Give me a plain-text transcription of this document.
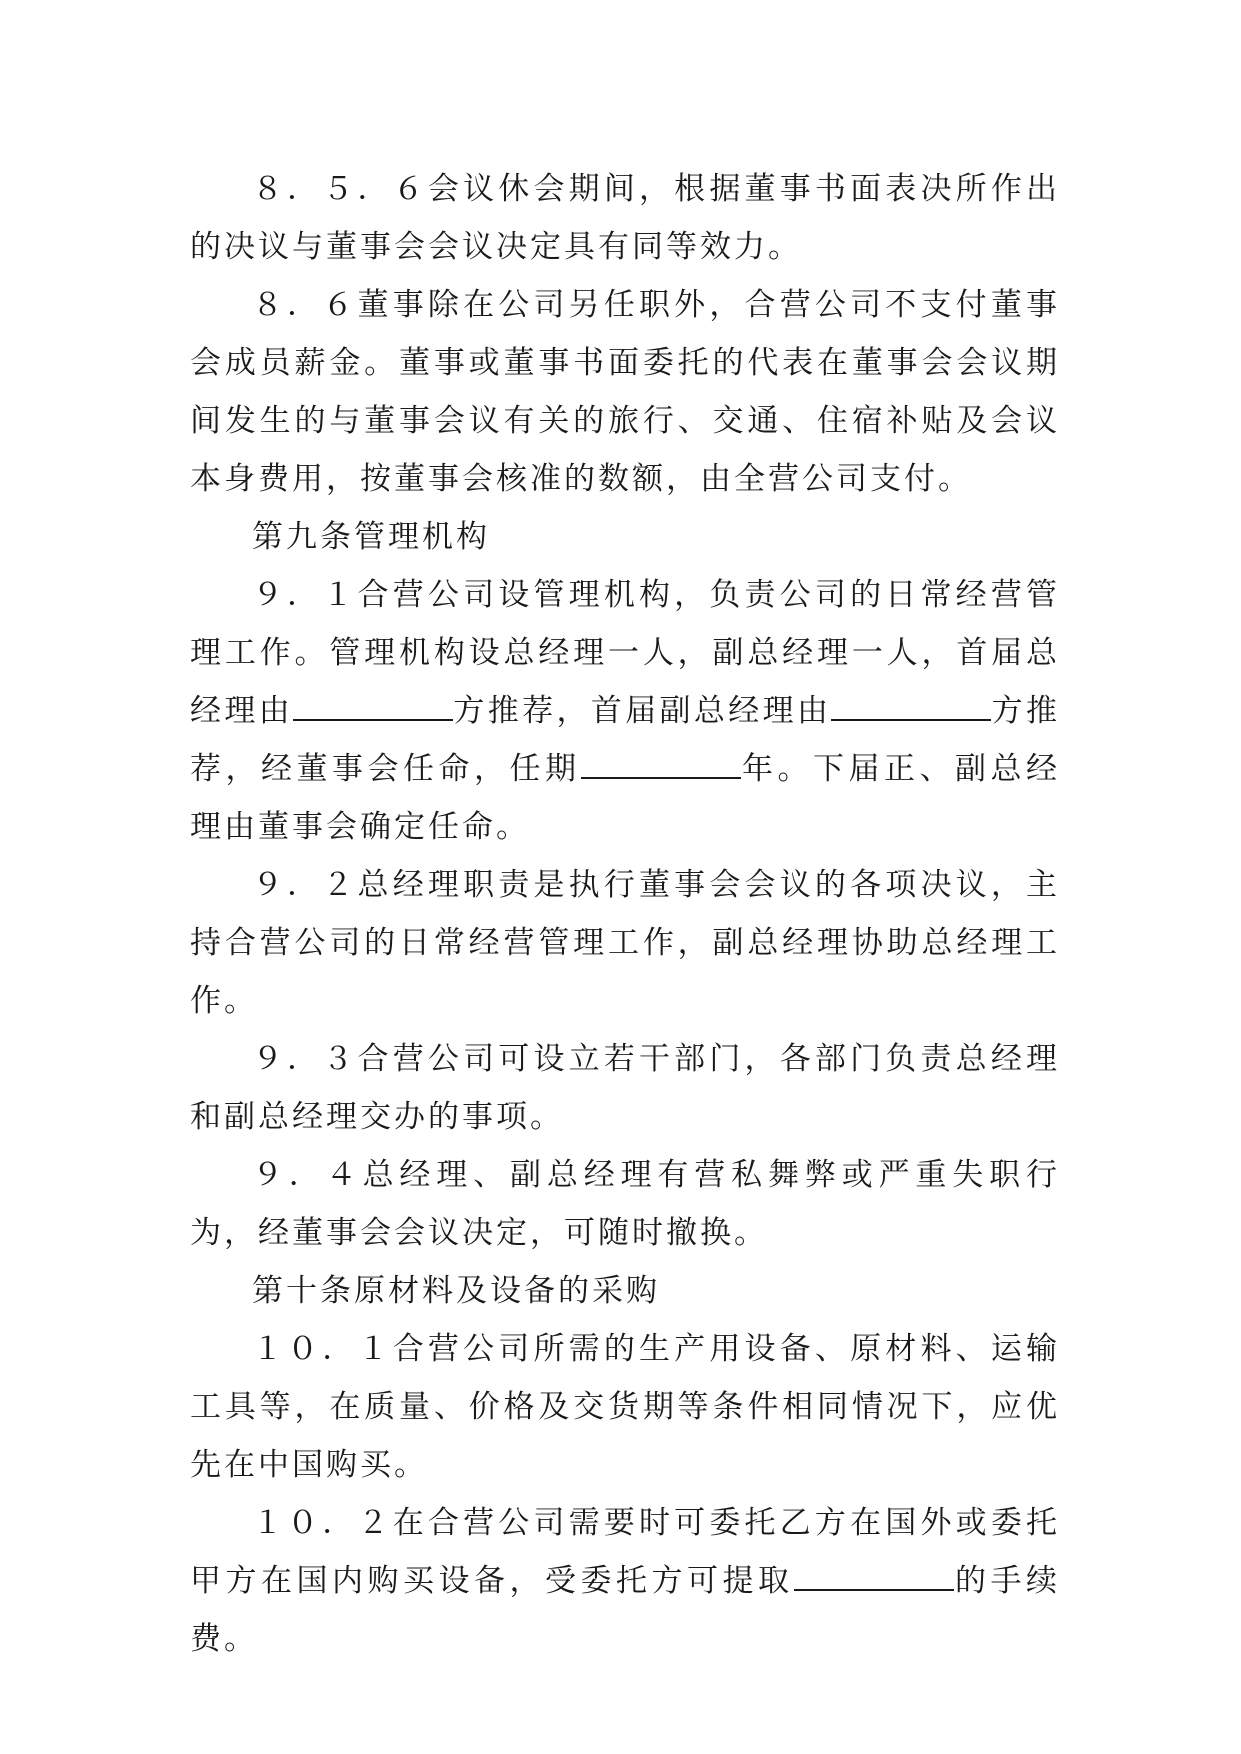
８．５．６会议休会期间，根据董事书面表决所作出的决议与董事会会议决定具有同等效力。

８．６董事除在公司另任职外，合营公司不支付董事会成员薪金。董事或董事书面委托的代表在董事会会议期间发生的与董事会议有关的旅行、交通、住宿补贴及会议本身费用，按董事会核准的数额，由全营公司支付。

第九条管理机构

９．１合营公司设管理机构，负责公司的日常经营管理工作。管理机构设总经理一人，副总经理一人，首届总经理由	方推荐，首届副总经理由	方推荐，经董事会任命，任期	年。下届正、副总经理由董事会确定任命。

９．２总经理职责是执行董事会会议的各项决议，主持合营公司的日常经营管理工作，副总经理协助总经理工作。

９．３合营公司可设立若干部门，各部门负责总经理和副总经理交办的事项。

９．４总经理、副总经理有营私舞弊或严重失职行为，经董事会会议决定，可随时撤换。

第十条原材料及设备的采购

１０．１合营公司所需的生产用设备、原材料、运输工具等，在质量、价格及交货期等条件相同情况下，应优先在中国购买。

１０．２在合营公司需要时可委托乙方在国外或委托甲方在国内购买设备，受委托方可提取	的手续费。
